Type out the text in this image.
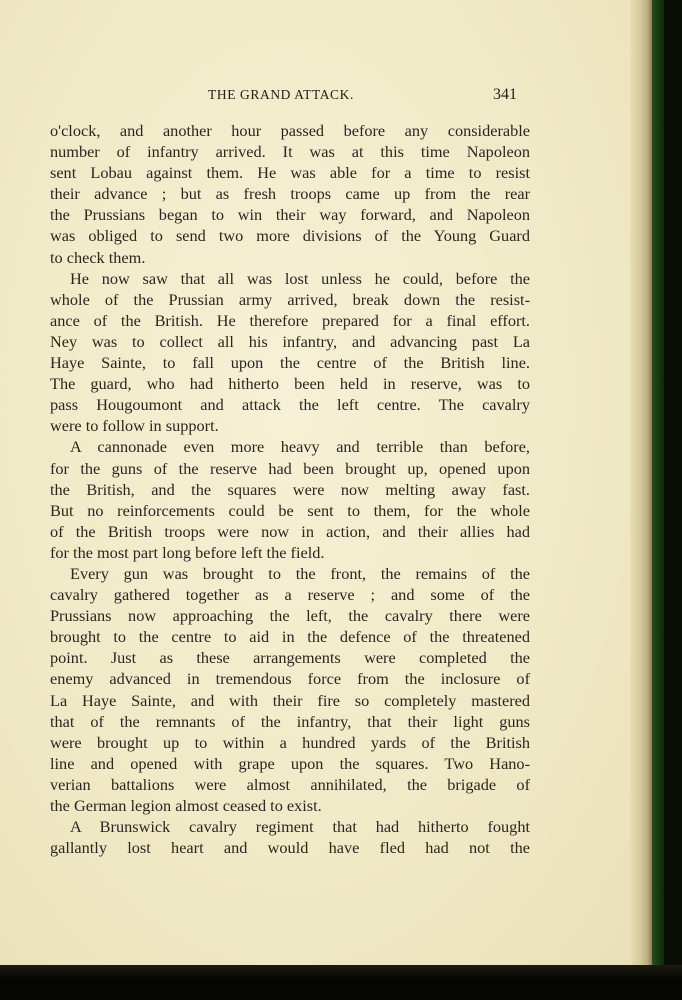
THE GRAND ATTACK.	341
o'clock, and another hour passed before any considerable
number of infantry arrived. It was at this time Napoleon
sent Lobau against them. He was able for a time to resist
their advance ; but as fresh troops came up from the rear
the Prussians began to win their way forward, and Napoleon
was obliged to send two more divisions of the Young Guard
to check them.
He now saw that all was lost unless he could, before the
whole of the Prussian army arrived, break down the resist-
ance of the British. He therefore prepared for a final effort.
Ney was to collect all his infantry, and advancing past La
Haye Sainte, to fall upon the centre of the British line.
The guard, who had hitherto been held in reserve, was to
pass Hougoumont and attack the left centre. The cavalry
were to follow in support.
A cannonade even more heavy and terrible than before,
for the guns of the reserve had been brought up, opened upon
the British, and the squares were now melting away fast.
But no reinforcements could be sent to them, for the whole
of the British troops were now in action, and their allies had
for the most part long before left the field.
Every gun was brought to the front, the remains of the
cavalry gathered together as a reserve ; and some of the
Prussians now approaching the left, the cavalry there were
brought to the centre to aid in the defence of the threatened
point. Just as these arrangements were completed the
enemy advanced in tremendous force from the inclosure of
La Haye Sainte, and with their fire so completely mastered
that of the remnants of the infantry, that their light guns
were brought up to within a hundred yards of the British
line and opened with grape upon the squares. Two Hano-
verian battalions were almost annihilated, the brigade of
the German legion almost ceased to exist.
A Brunswick cavalry regiment that had hitherto fought
gallantly lost heart and would have fled had not the
